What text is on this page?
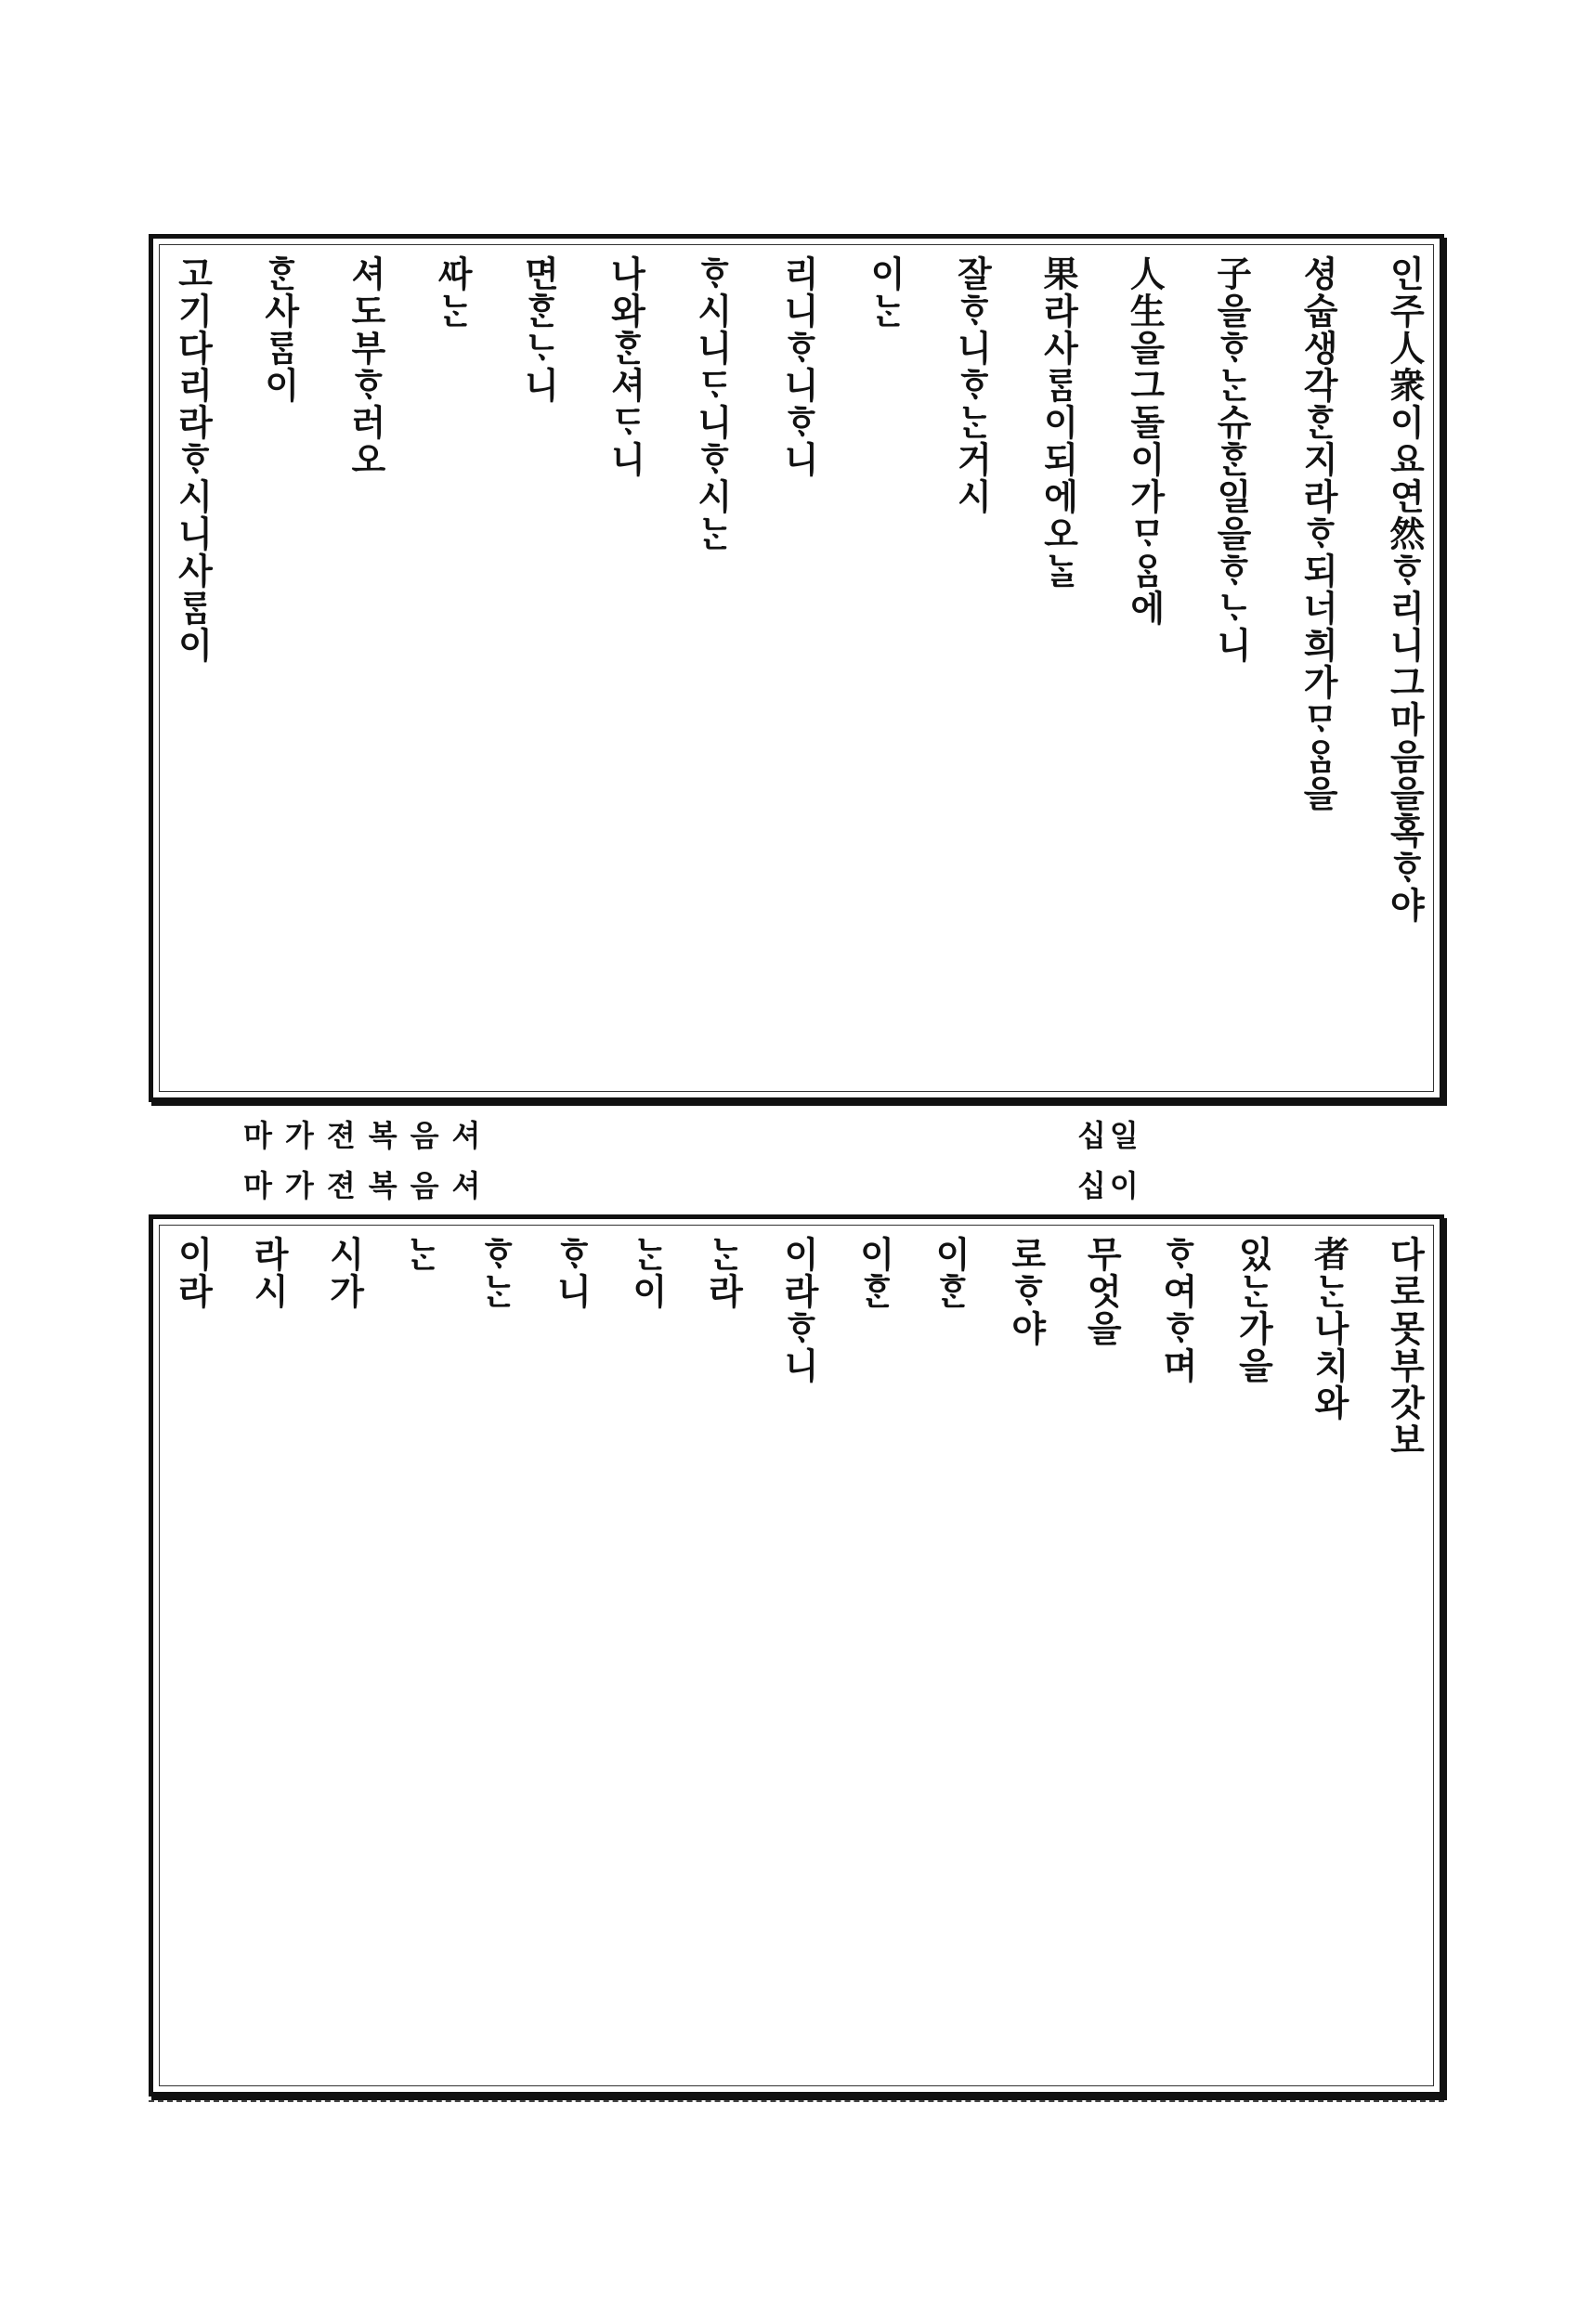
인주人衆이요연然ᄒᆞ리니그마음을혹ᄒᆞ야
셩숩생각ᄒᆞᆫ지라ᄒᆞ되너희가ᄆᆞᄋᆞᆷ을
子을ᄒᆞᄂᆞᆫ슈ᄒᆞᆫ일을ᄒᆞᄂᆞ니
人生을그돌이가ᄆᆞᄋᆞᆷ에
果라사ᄅᆞᆷ이되에오ᄂᆞᆯ
잘ᄒᆞ니ᄒᆞᄂᆞᆫ거시
이ᄂᆞᆫ
리니ᄒᆞ니ᄒᆞ니
ᄒᆞ시니ᄃᆞ니ᄒᆞ시ᄂᆞᆫ
나와ᄒᆞᆫ셔ᄃᆞ니
면ᄒᆞᆫᄂᆞ니
ᄯᅡᄂᆞᆫ
셔도부ᄒᆞ러오
ᄒᆞᆫ사ᄅᆞᆷ이
고기다리라ᄒᆞ시니사ᄅᆞᆷ이
마가젼복음셔
마가젼복음셔
십일
십이
다로못부갓보
者ᄂᆞᆫ나치와
있ᄂᆞᆫ가을
ᄒᆞ여ᄒᆞ며
무엇을
로ᄒᆞ야
이ᄒᆞᆫ
이ᄒᆞᆫ
이라ᄒᆞ니
ᄂᆞᆫ라
ᄂᆞᆫ이
ᄒᆞ니
ᄒᆞᄂᆞᆫ
ᄂᆞᆫ
시가
라시
이라
